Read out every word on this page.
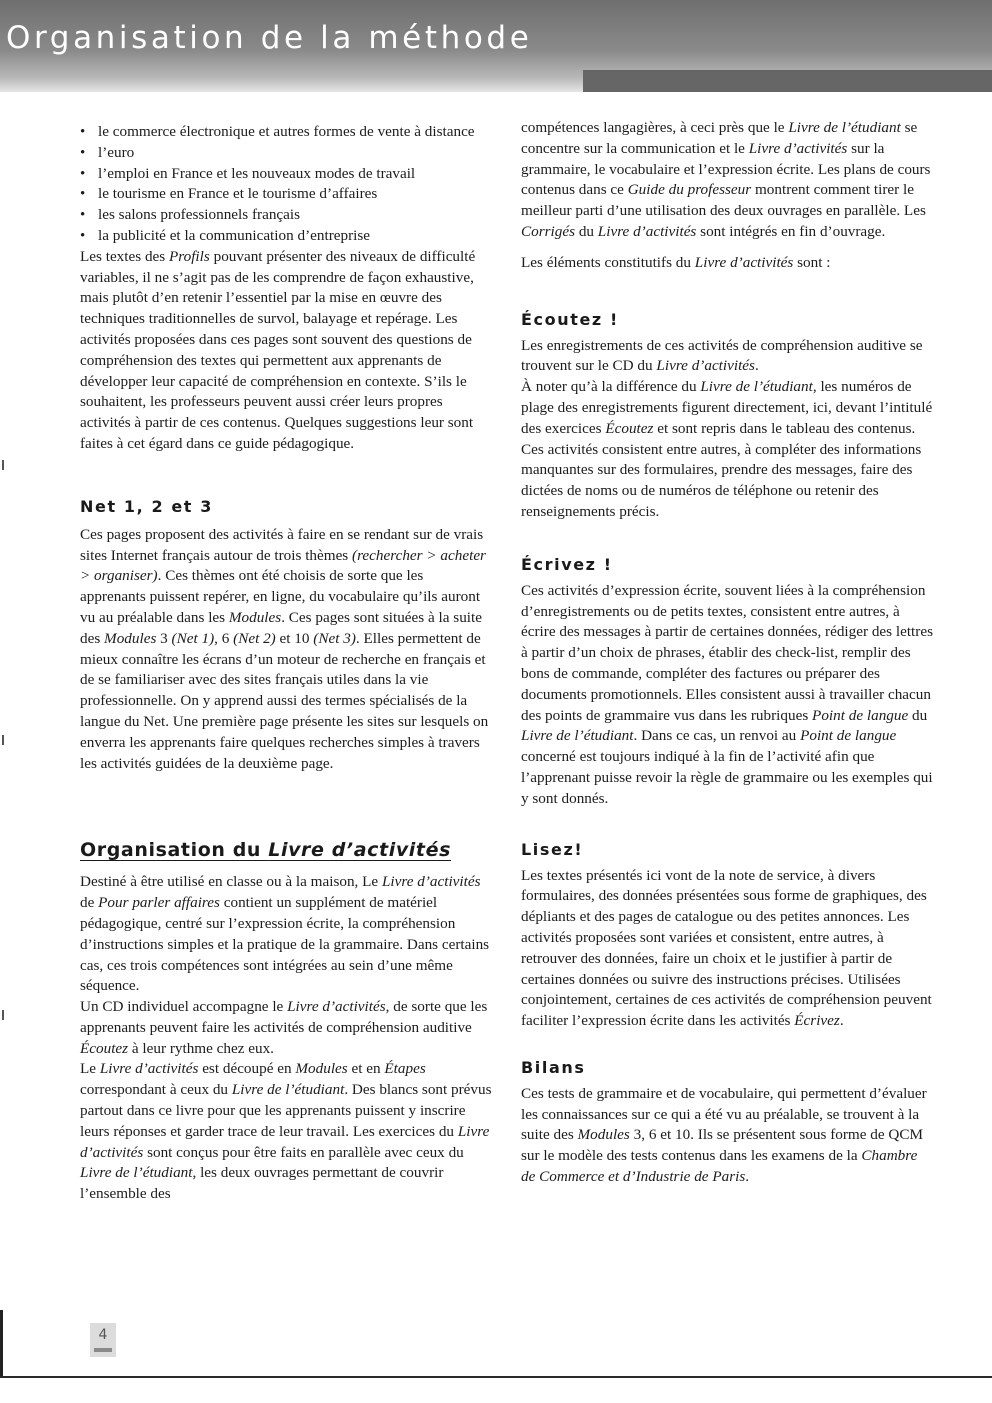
Organisation de la méthode
• le commerce électronique et autres formes de vente à distance
• l’euro
• l’emploi en France et les nouveaux modes de travail
• le tourisme en France et le tourisme d’affaires
• les salons professionnels français
• la publicité et la communication d’entreprise

Les textes des Profils pouvant présenter des niveaux de difficulté variables, il ne s’agit pas de les comprendre de façon exhaustive, mais plutôt d’en retenir l’essentiel par la mise en œuvre des techniques traditionnelles de survol, balayage et repérage. Les activités proposées dans ces pages sont souvent des questions de compréhension des textes qui permettent aux apprenants de développer leur capacité de compréhension en contexte. S’ils le souhaitent, les professeurs peuvent aussi créer leurs propres activités à partir de ces contenus. Quelques suggestions leur sont faites à cet égard dans ce guide pédagogique.

Net 1, 2 et 3

Ces pages proposent des activités à faire en se rendant sur de vrais sites Internet français autour de trois thèmes (rechercher > acheter > organiser). Ces thèmes ont été choisis de sorte que les apprenants puissent repérer, en ligne, du vocabulaire qu’ils auront vu au préalable dans les Modules. Ces pages sont situées à la suite des Modules 3 (Net 1), 6 (Net 2) et 10 (Net 3). Elles permettent de mieux connaître les écrans d’un moteur de recherche en français et de se familiariser avec des sites français utiles dans la vie professionnelle. On y apprend aussi des termes spécialisés de la langue du Net. Une première page présente les sites sur lesquels on enverra les apprenants faire quelques recherches simples à travers les activités guidées de la deuxième page.

Organisation du Livre d’activités

Destiné à être utilisé en classe ou à la maison, Le Livre d’activités de Pour parler affaires contient un supplément de matériel pédagogique, centré sur l’expression écrite, la compréhension d’instructions simples et la pratique de la grammaire. Dans certains cas, ces trois compétences sont intégrées au sein d’une même séquence.

Un CD individuel accompagne le Livre d’activités, de sorte que les apprenants peuvent faire les activités de compréhension auditive Écoutez à leur rythme chez eux.

Le Livre d’activités est découpé en Modules et en Étapes correspondant à ceux du Livre de l’étudiant. Des blancs sont prévus partout dans ce livre pour que les apprenants puissent y inscrire leurs réponses et garder trace de leur travail. Les exercices du Livre d’activités sont conçus pour être faits en parallèle avec ceux du Livre de l’étudiant, les deux ouvrages permettant de couvrir l’ensemble des

compétences langagières, à ceci près que le Livre de l’étudiant se concentre sur la communication et le Livre d’activités sur la grammaire, le vocabulaire et l’expression écrite. Les plans de cours contenus dans ce Guide du professeur montrent comment tirer le meilleur parti d’une utilisation des deux ouvrages en parallèle. Les Corrigés du Livre d’activités sont intégrés en fin d’ouvrage.

Les éléments constitutifs du Livre d’activités sont :

Écoutez !

Les enregistrements de ces activités de compréhension auditive se trouvent sur le CD du Livre d’activités.

À noter qu’à la différence du Livre de l’étudiant, les numéros de plage des enregistrements figurent directement, ici, devant l’intitulé des exercices Écoutez et sont repris dans le tableau des contenus.

Ces activités consistent entre autres, à compléter des informations manquantes sur des formulaires, prendre des messages, faire des dictées de noms ou de numéros de téléphone ou retenir des renseignements précis.

Écrivez !

Ces activités d’expression écrite, souvent liées à la compréhension d’enregistrements ou de petits textes, consistent entre autres, à écrire des messages à partir de certaines données, rédiger des lettres à partir d’un choix de phrases, établir des check-list, remplir des bons de commande, compléter des factures ou préparer des documents promotionnels. Elles consistent aussi à travailler chacun des points de grammaire vus dans les rubriques Point de langue du Livre de l’étudiant. Dans ce cas, un renvoi au Point de langue concerné est toujours indiqué à la fin de l’activité afin que l’apprenant puisse revoir la règle de grammaire ou les exemples qui y sont donnés.

Lisez!

Les textes présentés ici vont de la note de service, à divers formulaires, des données présentées sous forme de graphiques, des dépliants et des pages de catalogue ou des petites annonces. Les activités proposées sont variées et consistent, entre autres, à retrouver des données, faire un choix et le justifier à partir de certaines données ou suivre des instructions précises. Utilisées conjointement, certaines de ces activités de compréhension peuvent faciliter l’expression écrite dans les activités Écrivez.

Bilans

Ces tests de grammaire et de vocabulaire, qui permettent d’évaluer les connaissances sur ce qui a été vu au préalable, se trouvent à la suite des Modules 3, 6 et 10. Ils se présentent sous forme de QCM sur le modèle des tests contenus dans les examens de la Chambre de Commerce et d’Industrie de Paris.

4
